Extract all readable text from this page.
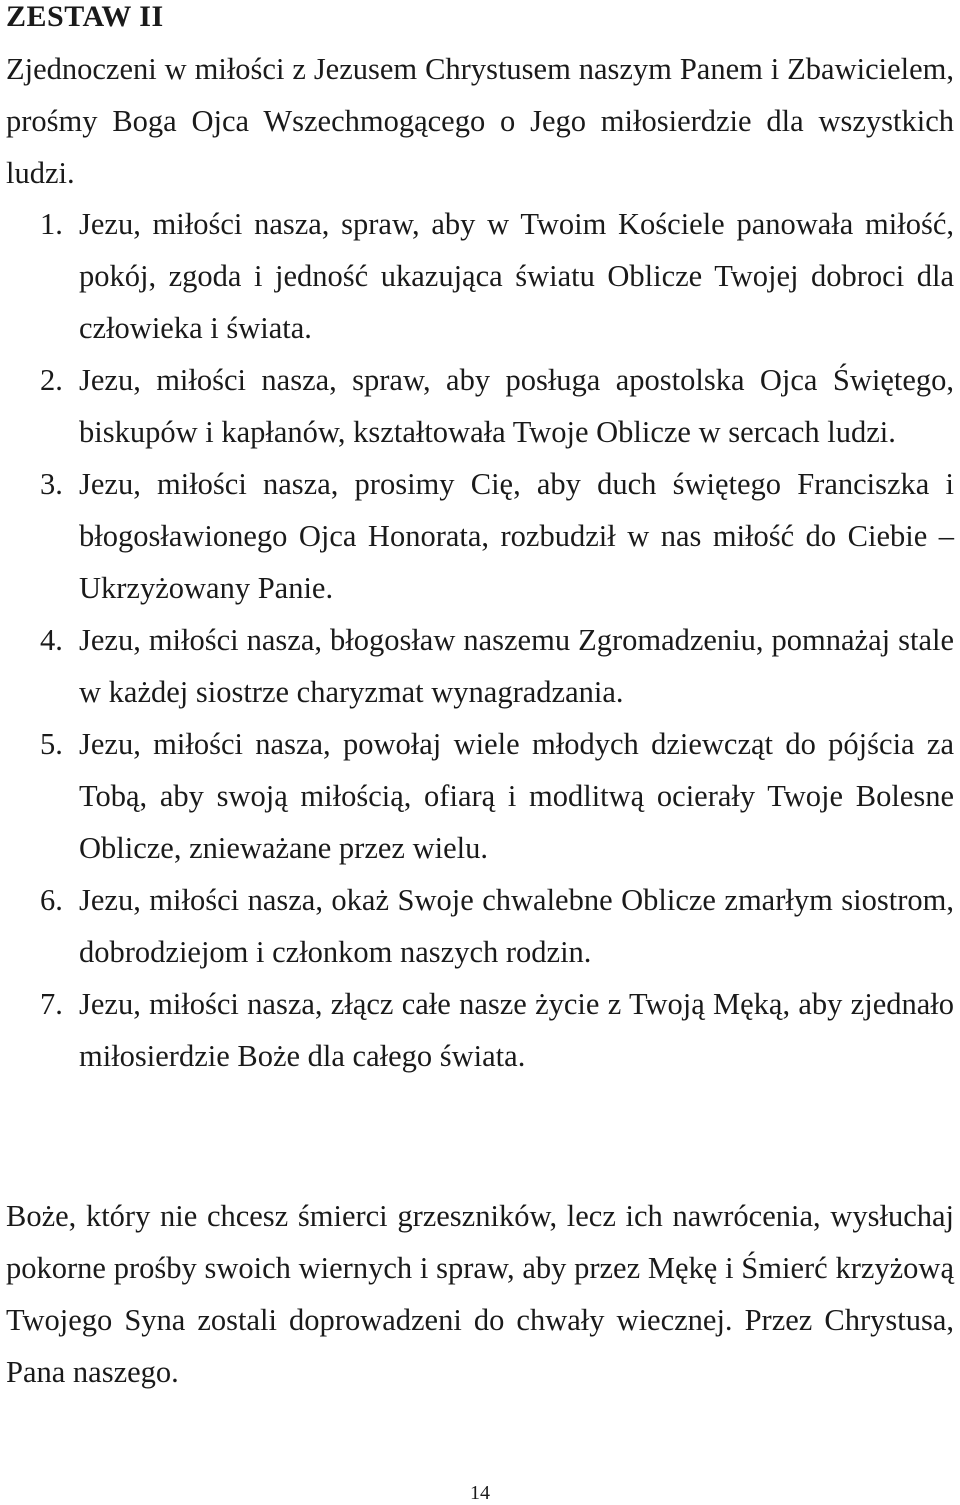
ZESTAW II
Zjednoczeni w miłości z Jezusem Chrystusem naszym Panem i Zbawicielem, prośmy Boga Ojca Wszechmogącego o Jego miłosierdzie dla wszystkich ludzi.
1. Jezu, miłości nasza, spraw, aby w Twoim Kościele panowała miłość, pokój, zgoda i jedność ukazująca światu Oblicze Twojej dobroci dla człowieka i świata.
2. Jezu, miłości nasza, spraw, aby posługa apostolska Ojca Świętego, biskupów i kapłanów, kształtowała Twoje Oblicze w sercach ludzi.
3. Jezu, miłości nasza, prosimy Cię, aby duch świętego Franciszka i błogosławionego Ojca Honorata, rozbudził w nas miłość do Ciebie – Ukrzyżowany Panie.
4. Jezu, miłości nasza, błogosław naszemu Zgromadzeniu, pomnażaj stale w każdej siostrze charyzmat wynagradzania.
5. Jezu, miłości nasza, powołaj wiele młodych dziewcząt do pójścia za Tobą, aby swoją miłością, ofiarą i modlitwą ocierały Twoje Bolesne Oblicze, znieważane przez wielu.
6. Jezu, miłości nasza, okaż Swoje chwalebne Oblicze zmarłym siostrom, dobrodziejom i członkom naszych rodzin.
7. Jezu, miłości nasza, złącz całe nasze życie z Twoją Męką, aby zjednało miłosierdzie Boże dla całego świata.
Boże, który nie chcesz śmierci grzeszników, lecz ich nawrócenia, wysłuchaj pokorne prośby swoich wiernych i spraw, aby przez Mękę i Śmierć krzyżową Twojego Syna zostali doprowadzeni do chwały wiecznej. Przez Chrystusa, Pana naszego.
14
